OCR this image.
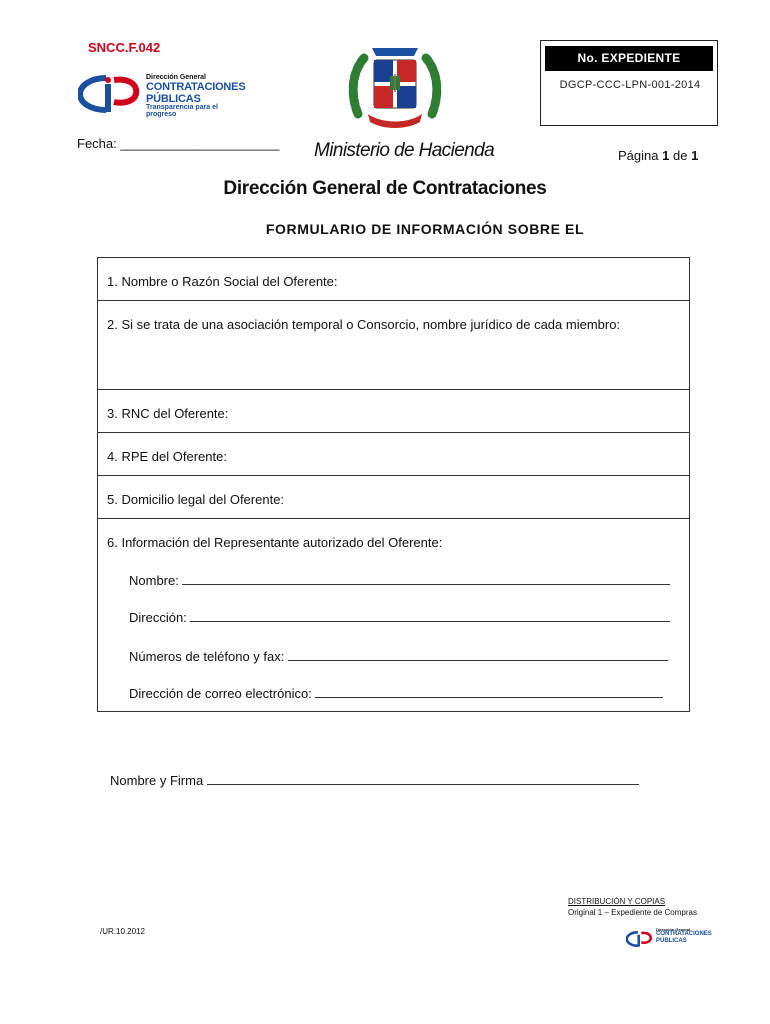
SNCC.F.042
Dirección General
CONTRATACIONES
PÚBLICAS
Transparencia para el progreso
No. EXPEDIENTE
DGCP-CCC-LPN-001-2014
Fecha: ______________________ Ministerio de Hacienda	Página 1 de 1
Dirección General de Contrataciones
FORMULARIO DE INFORMACIÓN SOBRE EL
1. Nombre o Razón Social del Oferente:
2. Si se trata de una asociación temporal o Consorcio, nombre jurídico de cada miembro:
3. RNC del Oferente:
4. RPE del Oferente:
5. Domicilio legal del Oferente:
6. Información del Representante autorizado del Oferente:
Nombre:
Dirección:
Números de teléfono y fax:
Dirección de correo electrónico:
Nombre y Firma
DISTRIBUCIÓN Y COPIAS
Original 1 – Expediente de Compras
/UR.10.2012	Dirección General
CONTRATACIONES
PÚBLICAS
